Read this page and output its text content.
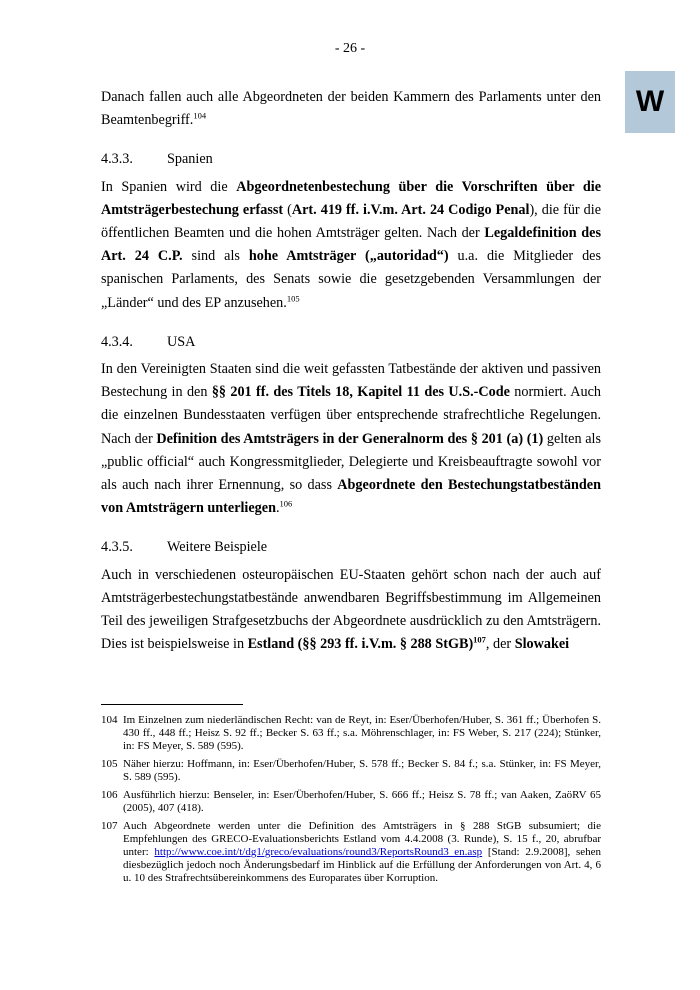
- 26 -
W

Danach fallen auch alle Abgeordneten der beiden Kammern des Parlaments unter den Beamtenbegriff.$^{104}$

4.3.3. Spanien

In Spanien wird die Abgeordnetenbestechung über die Vorschriften über die Amtsträgerbestechung erfasst (Art. 419 ff. i.V.m. Art. 24 Codigo Penal), die für die öffentlichen Beamten und die hohen Amtsträger gelten. Nach der Legaldefinition des Art. 24 C.P. sind als hohe Amtsträger („autoridad“) u.a. die Mitglieder des spanischen Parlaments, des Senats sowie die gesetzgebenden Versammlungen der „Länder“ und des EP anzusehen.$^{105}$

4.3.4. USA

In den Vereinigten Staaten sind die weit gefassten Tatbestände der aktiven und passiven Bestechung in den §§ 201 ff. des Titels 18, Kapitel 11 des U.S.-Code normiert. Auch die einzelnen Bundesstaaten verfügen über entsprechende strafrechtliche Regelungen. Nach der Definition des Amtsträgers in der Generalnorm des § 201 (a) (1) gelten als „public official“ auch Kongressmitglieder, Delegierte und Kreisbeauftragte sowohl vor als auch nach ihrer Ernennung, so dass Abgeordnete den Bestechungstatbeständen von Amtsträgern unterliegen.$^{106}$

4.3.5. Weitere Beispiele

Auch in verschiedenen osteuropäischen EU-Staaten gehört schon nach der auch auf Amtsträgerbestechungstatbestände anwendbaren Begriffsbestimmung im Allgemeinen Teil des jeweiligen Strafgesetzbuchs der Abgeordnete ausdrücklich zu den Amtsträgern. Dies ist beispielsweise in Estland (§§ 293 ff. i.V.m. § 288 StGB)$^{107}$, der Slowakei

104 Im Einzelnen zum niederländischen Recht: van de Reyt, in: Eser/Überhofen/Huber, S. 361 ff.; Überhofen S. 430 ff., 448 ff.; Heisz S. 92 ff.; Becker S. 63 ff.; s.a. Möhrenschlager, in: FS Weber, S. 217 (224); Stünker, in: FS Meyer, S. 589 (595).
105 Näher hierzu: Hoffmann, in: Eser/Überhofen/Huber, S. 578 ff.; Becker S. 84 f.; s.a. Stünker, in: FS Meyer, S. 589 (595).
106 Ausführlich hierzu: Benseler, in: Eser/Überhofen/Huber, S. 666 ff.; Heisz S. 78 ff.; van Aaken, ZaöRV 65 (2005), 407 (418).
107 Auch Abgeordnete werden unter die Definition des Amtsträgers in § 288 StGB subsumiert; die Empfehlungen des GRECO-Evaluationsberichts Estland vom 4.4.2008 (3. Runde), S. 15 f., 20, abrufbar unter: http://www.coe.int/t/dg1/greco/evaluations/round3/ReportsRound3_en.asp [Stand: 2.9.2008], sehen diesbezüglich jedoch noch Änderungsbedarf im Hinblick auf die Erfüllung der Anforderungen von Art. 4, 6 u. 10 des Strafrechtsübereinkommens des Europarates über Korruption.
